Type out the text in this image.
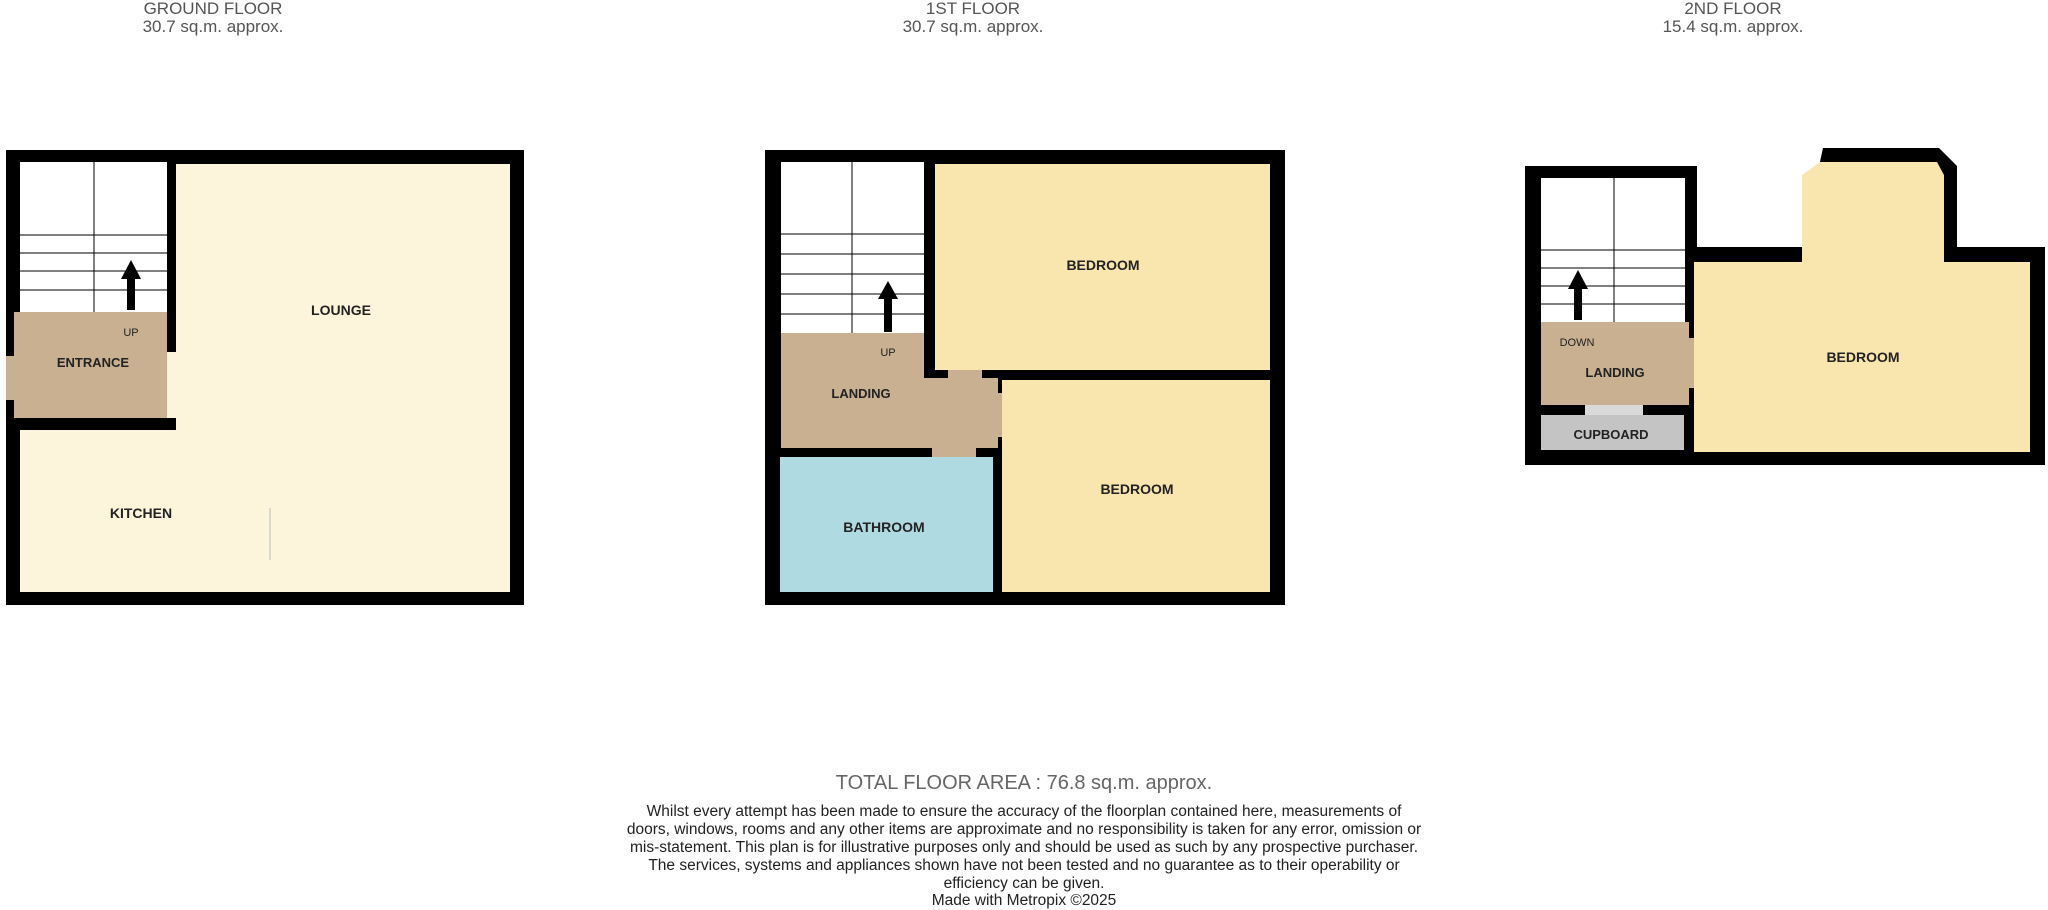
GROUND FLOOR
30.7 sq.m. approx.
1ST FLOOR
30.7 sq.m. approx.
2ND FLOOR
15.4 sq.m. approx.
UP
ENTRANCE
LOUNGE
KITCHEN
UP
LANDING
BEDROOM
BEDROOM
BATHROOM
DOWN
LANDING
CUPBOARD
BEDROOM
TOTAL FLOOR AREA : 76.8 sq.m. approx.
Whilst every attempt has been made to ensure the accuracy of the floorplan contained here, measurements of doors, windows, rooms and any other items are approximate and no responsibility is taken for any error, omission or mis-statement. This plan is for illustrative purposes only and should be used as such by any prospective purchaser. The services, systems and appliances shown have not been tested and no guarantee as to their operability or efficiency can be given.
Made with Metropix ©2025
